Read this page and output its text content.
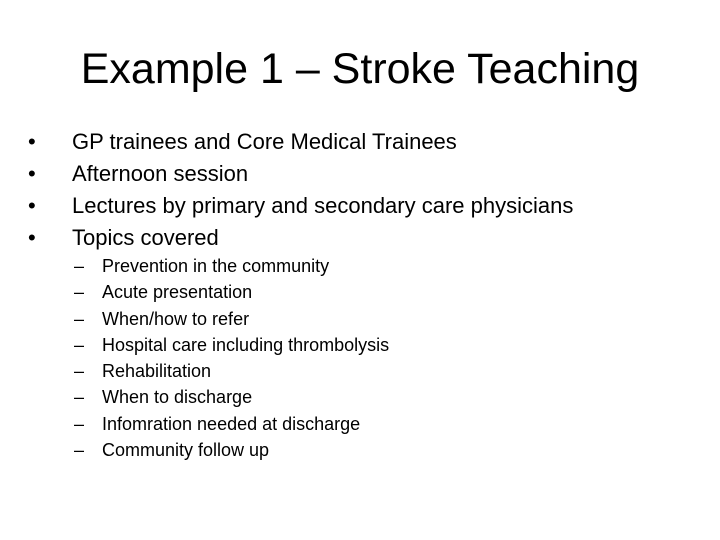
Example 1 – Stroke Teaching
• GP trainees and Core Medical Trainees
• Afternoon session
• Lectures by primary and secondary care physicians
• Topics covered
– Prevention in the community
– Acute presentation
– When/how to refer
– Hospital care including thrombolysis
– Rehabilitation
– When to discharge
– Infomration needed at discharge
– Community follow up
